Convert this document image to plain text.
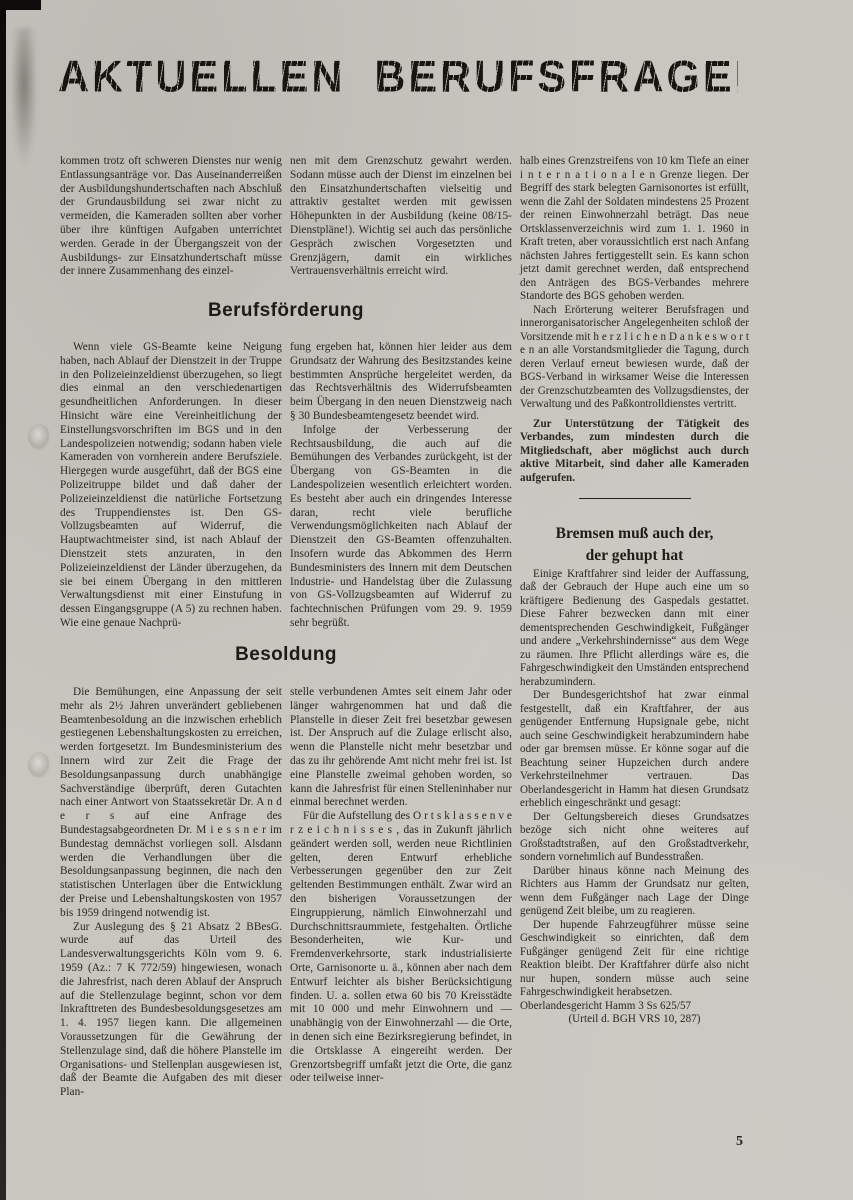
AKTUELLEN BERUFSFRAGEN
Berufsförderung
Besoldung

kommen trotz oft schweren Dienstes nur wenig Entlassungsanträge vor. Das Auseinanderreißen der Ausbildungshundertschaften nach Abschluß der Grundausbildung sei zwar nicht zu vermeiden, die Kameraden sollten aber vorher über ihre künftigen Aufgaben unterrichtet werden. Gerade in der Übergangszeit von der Ausbildungs- zur Einsatzhundertschaft müsse der innere Zusammenhang des einzel-

Wenn viele GS-Beamte keine Neigung haben, nach Ablauf der Dienstzeit in der Truppe in den Polizeieinzeldienst überzugehen, so liegt dies einmal an den verschiedenartigen gesundheitlichen Anforderungen. In dieser Hinsicht wäre eine Vereinheitlichung der Einstellungsvorschriften im BGS und in den Landespolizeien notwendig; sodann haben viele Kameraden von vornherein andere Berufsziele. Hiergegen wurde ausgeführt, daß der BGS eine Polizeitruppe bildet und daß daher der Polizeieinzeldienst die natürliche Fortsetzung des Truppendienstes ist. Den GS-Vollzugsbeamten auf Widerruf, die Hauptwachtmeister sind, ist nach Ablauf der Dienstzeit stets anzuraten, in den Polizeieinzeldienst der Länder überzugehen, da sie bei einem Übergang in den mittleren Verwaltungsdienst mit einer Einstufung in dessen Eingangsgruppe (A 5) zu rechnen haben. Wie eine genaue Nachprü-

Die Bemühungen, eine Anpassung der seit mehr als 2½ Jahren unverändert gebliebenen Beamtenbesoldung an die inzwischen erheblich gestiegenen Lebenshaltungskosten zu erreichen, werden fortgesetzt. Im Bundesministerium des Innern wird zur Zeit die Frage der Besoldungsanpassung durch unabhängige Sachverständige überprüft, deren Gutachten nach einer Antwort von Staatssekretär Dr. A n d e r s auf eine Anfrage des Bundestagsabgeordneten Dr. M i e s s n e r im Bundestag demnächst vorliegen soll. Alsdann werden die Verhandlungen über die Besoldungsanpassung beginnen, die nach den statistischen Unterlagen über die Entwicklung der Preise und Lebenshaltungskosten von 1957 bis 1959 dringend notwendig ist.

Zur Auslegung des § 21 Absatz 2 BBesG. wurde auf das Urteil des Landesverwaltungsgerichts Köln vom 9. 6. 1959 (Az.: 7 K 772/59) hingewiesen, wonach die Jahresfrist, nach deren Ablauf der Anspruch auf die Stellenzulage beginnt, schon vor dem Inkrafttreten des Bundesbesoldungsgesetzes am 1. 4. 1957 liegen kann. Die allgemeinen Voraussetzungen für die Gewährung der Stellenzulage sind, daß die höhere Planstelle im Organisations- und Stellenplan ausgewiesen ist, daß der Beamte die Aufgaben des mit dieser Plan-

nen mit dem Grenzschutz gewahrt werden. Sodann müsse auch der Dienst im einzelnen bei den Einsatzhundertschaften vielseitig und attraktiv gestaltet werden mit gewissen Höhepunkten in der Ausbildung (keine 08/15-Dienstpläne!). Wichtig sei auch das persönliche Gespräch zwischen Vorgesetzten und Grenzjägern, damit ein wirkliches Vertrauensverhältnis erreicht wird.

fung ergeben hat, können hier leider aus dem Grundsatz der Wahrung des Besitzstandes keine bestimmten Ansprüche hergeleitet werden, da das Rechtsverhältnis des Widerrufsbeamten beim Übergang in den neuen Dienstzweig nach § 30 Bundesbeamtengesetz beendet wird.

Infolge der Verbesserung der Rechtsausbildung, die auch auf die Bemühungen des Verbandes zurückgeht, ist der Übergang von GS-Beamten in die Landespolizeien wesentlich erleichtert worden. Es besteht aber auch ein dringendes Interesse daran, recht viele berufliche Verwendungsmöglichkeiten nach Ablauf der Dienstzeit den GS-Beamten offenzuhalten. Insofern wurde das Abkommen des Herrn Bundesministers des Innern mit dem Deutschen Industrie- und Handelstag über die Zulassung von GS-Vollzugsbeamten auf Widerruf zu fachtechnischen Prüfungen vom 29. 9. 1959 sehr begrüßt.

stelle verbundenen Amtes seit einem Jahr oder länger wahrgenommen hat und daß die Planstelle in dieser Zeit frei besetzbar gewesen ist. Der Anspruch auf die Zulage erlischt also, wenn die Planstelle nicht mehr besetzbar und das zu ihr gehörende Amt nicht mehr frei ist. Ist eine Planstelle zweimal gehoben worden, so kann die Jahresfrist für einen Stelleninhaber nur einmal berechnet werden.

Für die Aufstellung des O r t s k l a s s e n v e r z e i c h n i s s e s , das in Zukunft jährlich geändert werden soll, werden neue Richtlinien gelten, deren Entwurf erhebliche Verbesserungen gegenüber den zur Zeit geltenden Bestimmungen enthält. Zwar wird an den bisherigen Voraussetzungen der Eingruppierung, nämlich Einwohnerzahl und Durchschnittsraummiete, festgehalten. Örtliche Besonderheiten, wie Kur- und Fremdenverkehrsorte, stark industrialisierte Orte, Garnisonorte u. ä., können aber nach dem Entwurf leichter als bisher Berücksichtigung finden. U. a. sollen etwa 60 bis 70 Kreisstädte mit 10 000 und mehr Einwohnern und — unabhängig von der Einwohnerzahl — die Orte, in denen sich eine Bezirksregierung befindet, in die Ortsklasse A eingereiht werden. Der Grenzortsbegriff umfaßt jetzt die Orte, die ganz oder teilweise inner-

halb eines Grenzstreifens von 10 km Tiefe an einer i n t e r n a t i o n a l e n Grenze liegen. Der Begriff des stark belegten Garnisonortes ist erfüllt, wenn die Zahl der Soldaten mindestens 25 Prozent der reinen Einwohnerzahl beträgt. Das neue Ortsklassenverzeichnis wird zum 1. 1. 1960 in Kraft treten, aber voraussichtlich erst nach Anfang nächsten Jahres fertiggestellt sein. Es kann schon jetzt damit gerechnet werden, daß entsprechend den Anträgen des BGS-Verbandes mehrere Standorte des BGS gehoben werden.

Nach Erörterung weiterer Berufsfragen und innerorganisatorischer Angelegenheiten schloß der Vorsitzende mit h e r z l i c h e n D a n k e s w o r t e n an alle Vorstandsmitglieder die Tagung, durch deren Verlauf erneut bewiesen wurde, daß der BGS-Verband in wirksamer Weise die Interessen der Grenzschutzbeamten des Vollzugsdienstes, der Verwaltung und des Paßkontrolldienstes vertritt.

Zur Unterstützung der Tätigkeit des Verbandes, zum mindesten durch die Mitgliedschaft, aber möglichst auch durch aktive Mitarbeit, sind daher alle Kameraden aufgerufen.

Bremsen muß auch der,
der gehupt hat

Einige Kraftfahrer sind leider der Auffassung, daß der Gebrauch der Hupe auch eine um so kräftigere Bedienung des Gaspedals gestattet. Diese Fahrer bezwecken dann mit einer dementsprechenden Geschwindigkeit, Fußgänger und andere „Verkehrshindernisse“ aus dem Wege zu räumen. Ihre Pflicht allerdings wäre es, die Fahrgeschwindigkeit den Umständen entsprechend herabzumindern.

Der Bundesgerichtshof hat zwar einmal festgestellt, daß ein Kraftfahrer, der aus genügender Entfernung Hupsignale gebe, nicht auch seine Geschwindigkeit herabzumindern habe oder gar bremsen müsse. Er könne sogar auf die Beachtung seiner Hupzeichen durch andere Verkehrsteilnehmer vertrauen. Das Oberlandesgericht in Hamm hat diesen Grundsatz erheblich eingeschränkt und gesagt:

Der Geltungsbereich dieses Grundsatzes bezöge sich nicht ohne weiteres auf Großstadtstraßen, auf den Großstadtverkehr, sondern vornehmlich auf Bundesstraßen.

Darüber hinaus könne nach Meinung des Richters aus Hamm der Grundsatz nur gelten, wenn dem Fußgänger nach Lage der Dinge genügend Zeit bleibe, um zu reagieren.

Der hupende Fahrzeugführer müsse seine Geschwindigkeit so einrichten, daß dem Fußgänger genügend Zeit für eine richtige Reaktion bleibt. Der Kraftfahrer dürfe also nicht nur hupen, sondern müsse auch seine Fahrgeschwindigkeit herabsetzen.

Oberlandesgericht Hamm 3 Ss 625/57

(Urteil d. BGH VRS 10, 287)

5
